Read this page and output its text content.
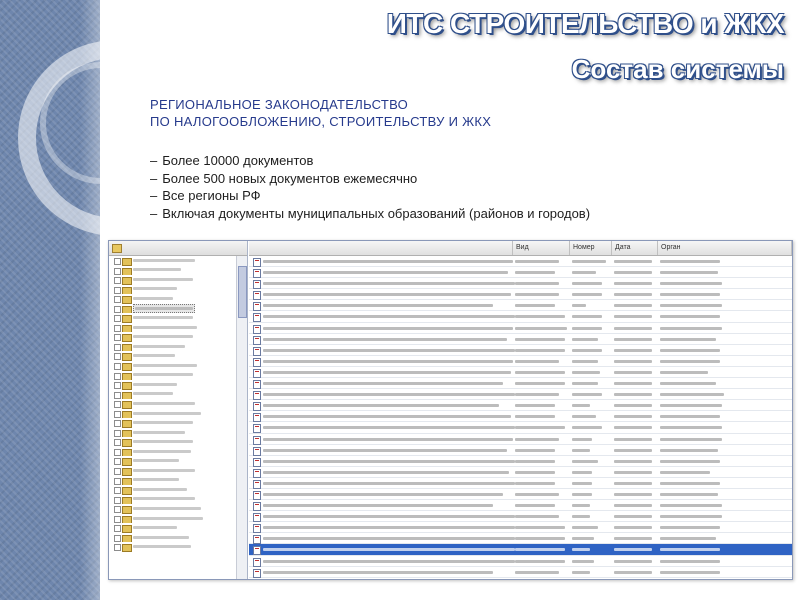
ИТС СТРОИТЕЛЬСТВО и ЖКХ
Состав системы
РЕГИОНАЛЬНОЕ ЗАКОНОДАТЕЛЬСТВО
ПО НАЛОГООБЛОЖЕНИЮ, СТРОИТЕЛЬСТВУ И ЖКХ
– Более 10000 документов
– Более 500 новых документов ежемесячно
– Все регионы РФ
– Включая документы муниципальных образований (районов и городов)
Вид	Номер	Дата	Орган
